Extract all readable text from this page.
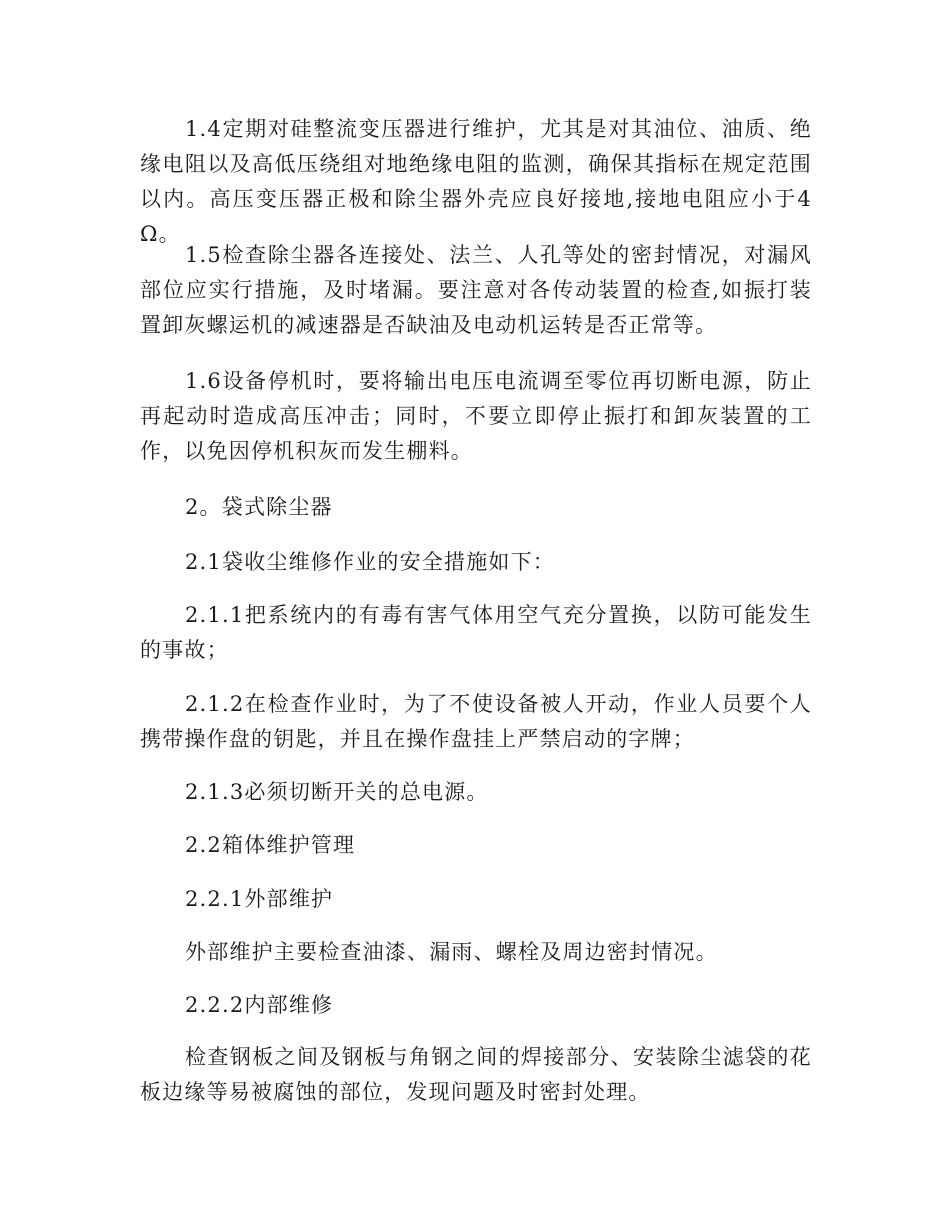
1.4定期对硅整流变压器进行维护，尤其是对其油位、油质、绝缘电阻以及高低压绕组对地绝缘电阻的监测，确保其指标在规定范围以内。高压变压器正极和除尘器外壳应良好接地,接地电阻应小于4Ω。

1.5检查除尘器各连接处、法兰、人孔等处的密封情况，对漏风部位应实行措施，及时堵漏。要注意对各传动装置的检查,如振打装置卸灰螺运机的减速器是否缺油及电动机运转是否正常等。

1.6设备停机时，要将输出电压电流调至零位再切断电源，防止再起动时造成高压冲击；同时，不要立即停止振打和卸灰装置的工作，以免因停机积灰而发生棚料。

2。袋式除尘器

2.1袋收尘维修作业的安全措施如下：

2.1.1把系统内的有毒有害气体用空气充分置换，以防可能发生的事故；

2.1.2在检查作业时，为了不使设备被人开动，作业人员要个人携带操作盘的钥匙，并且在操作盘挂上严禁启动的字牌；

2.1.3必须切断开关的总电源。

2.2箱体维护管理

2.2.1外部维护

外部维护主要检查油漆、漏雨、螺栓及周边密封情况。

2.2.2内部维修

检查钢板之间及钢板与角钢之间的焊接部分、安装除尘滤袋的花板边缘等易被腐蚀的部位，发现问题及时密封处理。
